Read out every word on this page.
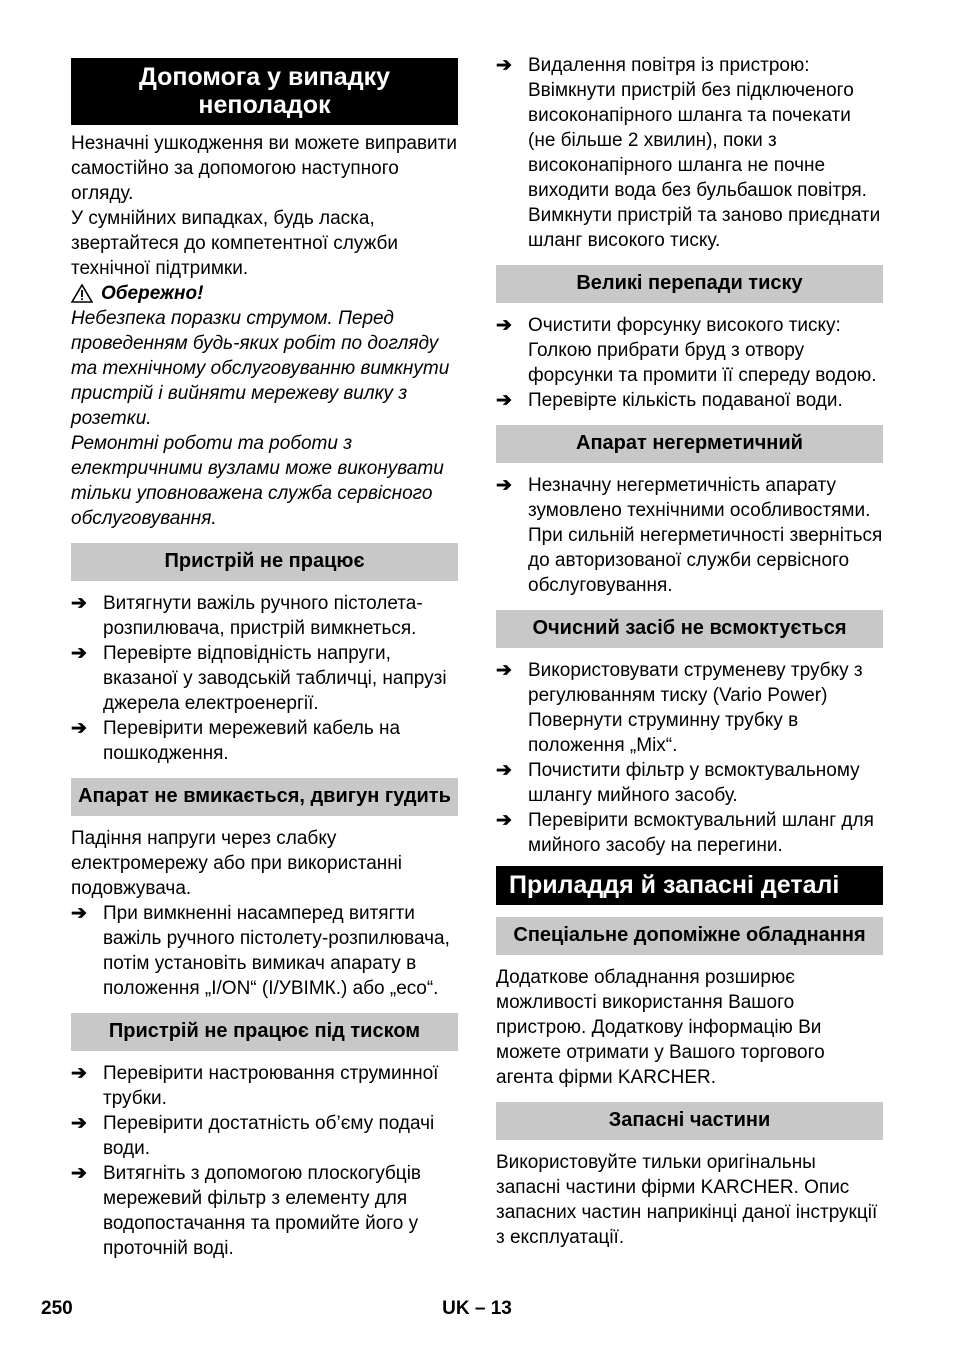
Допомога у випадку неполадок

Незначні ушкодження ви можете виправити самостійно за допомогою наступного огляду.

У сумнійних випадках, будь ласка, звертайтеся до компетентної служби технічної підтримки.

Обережно!

Небезпека поразки струмом. Перед проведенням будь-яких робіт по догляду та технічному обслуговуванню вимкнути пристрій і вийняти мережеву вилку з розетки.

Ремонтні роботи та роботи з електричними вузлами може виконувати тільки уповноважена служба сервісного обслуговування.

Пристрій не працює
➔ Витягнути важіль ручного пістолета-розпилювача, пристрій вимкнеться.
➔ Перевірте відповідність напруги, вказаної у заводській табличці, напрузі джерела електроенергії.
➔ Перевірити мережевий кабель на пошкодження.
Апарат не вмикається, двигун гудить

Падіння напруги через слабку електромережу або при використанні подовжувача.

➔ При вимкненні насамперед витягти важіль ручного пістолету-розпилювача, потім установіть вимикач апарату в положення „I/ON“ (I/УВІМК.) або „eco“.
Пристрій не працює під тиском
➔ Перевірити настроювання струминної трубки.
➔ Перевірити достатність об’єму подачі води.
➔ Витягніть з допомогою плоскогубців мережевий фільтр з елементу для водопостачання та промийте його у проточній воді.
➔ Видалення повітря із пристрою: Ввімкнути пристрій без підключеного високонапірного шланга та почекати (не більше 2 хвилин), поки з високонапірного шланга не почне виходити вода без бульбашок повітря. Вимкнути пристрій та заново приєднати шланг високого тиску.
Великі перепади тиску
➔ Очистити форсунку високого тиску: Голкою прибрати бруд з отвору форсунки та промити її спереду водою.
➔ Перевірте кількість подаваної води.
Апарат негерметичний
➔ Незначну негерметичність апарату зумовлено технічними особливостями. При сильній негерметичності зверніться до авторизованої служби сервісного обслуговування.
Очисний засіб не всмоктується
➔ Використовувати струменеву трубку з регулюванням тиску (Vario Power) Повернути струминну трубку в положення „Mix“.
➔ Почистити фільтр у всмоктувальному шлангу мийного засобу.
➔ Перевірити всмоктувальний шланг для мийного засобу на перегини.
Приладдя й запасні деталі
Спеціальне допоміжне обладнання

Додаткове обладнання розширює можливості використання Вашого пристрою. Додаткову інформацію Ви можете отримати у Вашого торгового агента фірми KARCHER.

Запасні частини

Використовуйте тильки оригінальны запасні частини фірми KARCHER. Опис запасних частин наприкінці даної інструкції з експлуатації.

250	UK – 13
